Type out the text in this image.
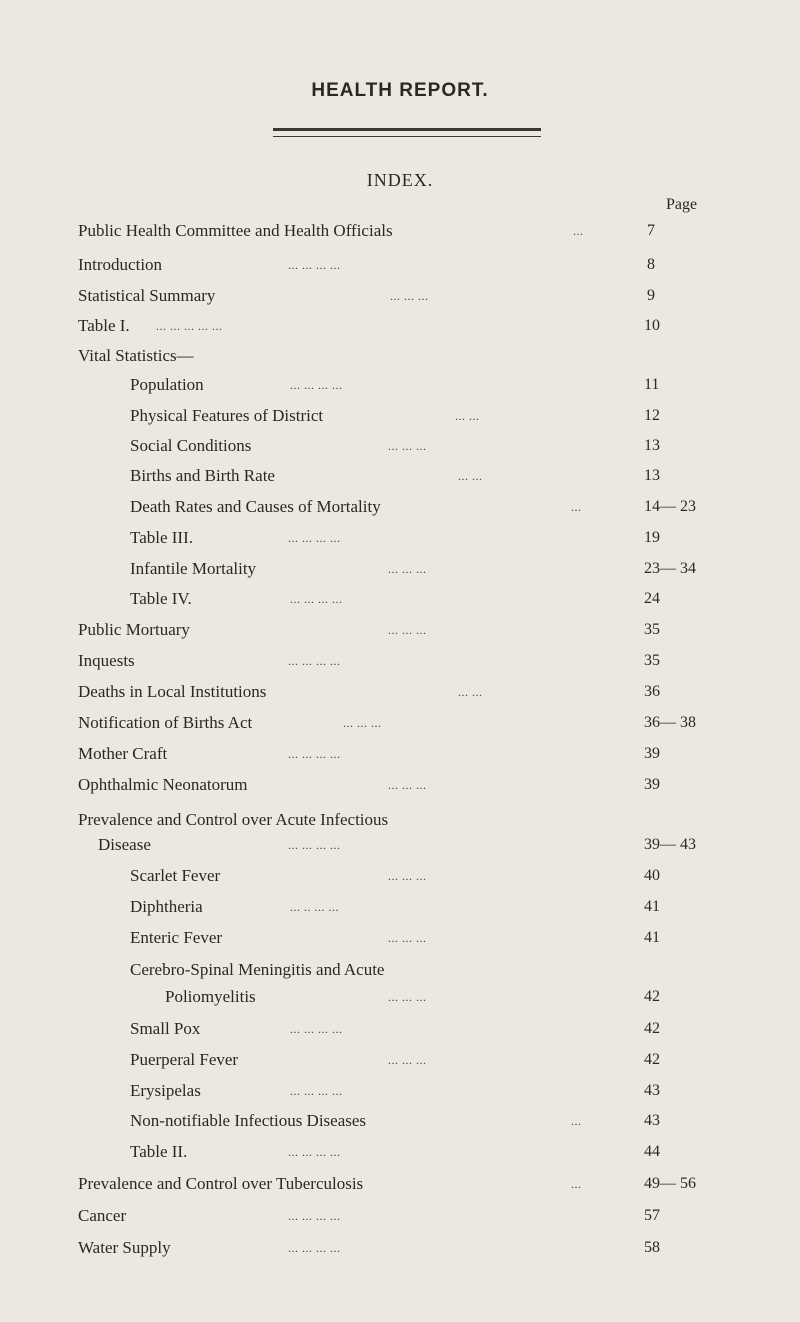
HEALTH REPORT.
INDEX.
Page
Public Health Committee and Health Officials	...	7
Introduction	... ... ... ...	8
Statistical Summary	... ... ...	9
Table I. ... ... ... ... ...	10
Vital Statistics—
Population	... ... ... ...	11
Physical Features of District	... ...	12
Social Conditions	... ... ...	13
Births and Birth Rate	... ...	13
Death Rates and Causes of Mortality	...	14— 23
Table III.	... ... ... ...	19
Infantile Mortality	... ... ...	23— 34
Table IV.	... ... ... ...	24
Public Mortuary	... ... ...	35
Inquests	... ... ... ...	35
Deaths in Local Institutions	... ...	36
Notification of Births Act	... ... ...	36— 38
Mother Craft	... ... ... ...	39
Ophthalmic Neonatorum	... ... ...	39
Prevalence and Control over Acute Infectious
Disease	... ... ... ...	39— 43
Scarlet Fever	... ... ...	40
Diphtheria	... .. ... ...	41
Enteric Fever	... ... ...	41
Cerebro-Spinal Meningitis and Acute
Poliomyelitis	... ... ...	42
Small Pox	... ... ... ...	42
Puerperal Fever	... ... ...	42
Erysipelas	... ... ... ...	43
Non-notifiable Infectious Diseases	...	43
Table II.	... ... ... ...	44
Prevalence and Control over Tuberculosis	...	49— 56
Cancer	... ... ... ...	57
Water Supply	... ... ... ...	58
